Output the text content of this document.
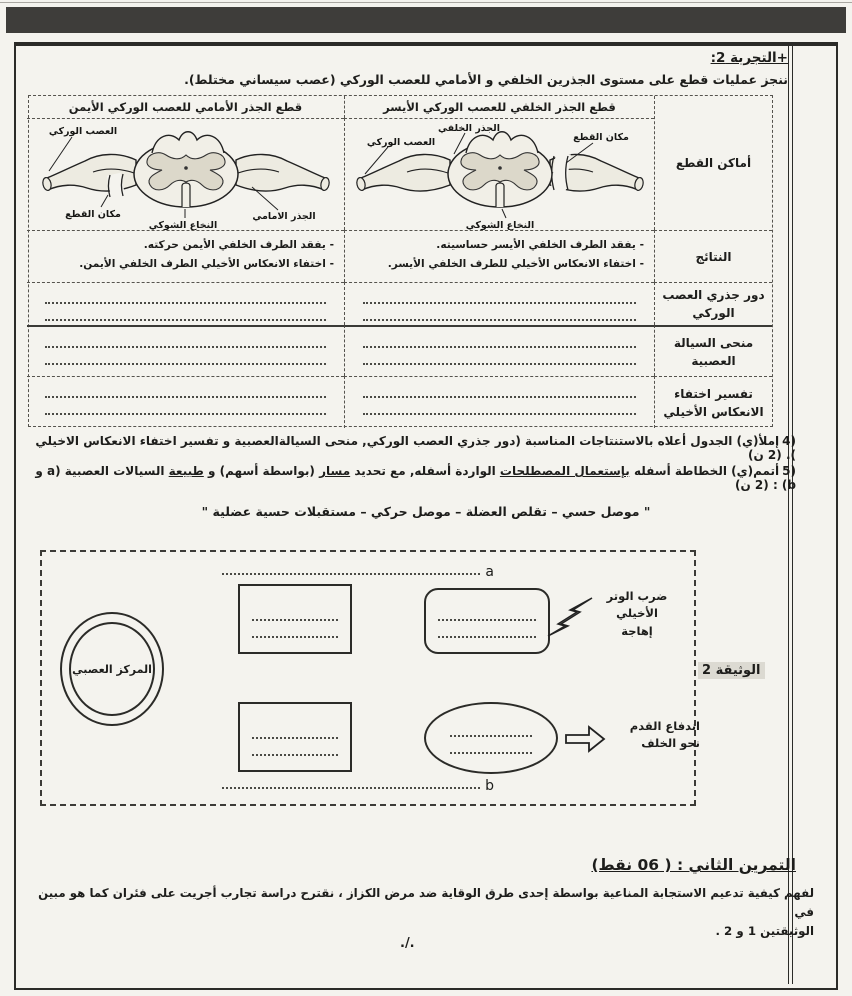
+التجربة 2:
ننجز عمليات قطع على مستوى الجذرين الخلفي و الأمامي للعصب الوركي (عصب سيساني مختلط).
أماكن القطع
قطع الجذر الخلفي للعصب الوركي الأيسر
قطع الجذر الأمامي للعصب الوركي الأيمن
الجذر الخلفي
العصب الوركي	مكان القطع
النخاع الشوكي
العصب الوركي
مكان القطع
النخاع الشوكي
الجذر الامامي
النتائج
- يفقد الطرف الخلفي الأيسر حساسيته.
- اختفاء الانعكاس الأخيلي للطرف الخلفي الأيسر.
- يفقد الطرف الخلفي الأيمن حركته.
- اختفاء الانعكاس الأخيلي الطرف الخلفي الأيمن.
دور جذري العصب الوركي
منحى السيالة العصبية
تفسير اختفاء الانعكاس الأخيلي
4)إملأ(ي) الجدول أعلاه بالاستنتاجات المناسبة (دور جذري العصب الوركي, منحى السيالةالعصبية و تفسير اختفاء الانعكاس الاخيلي ). (2 ن)
5)أتمم(ي) الخطاطة أسفله بإستعمال المصطلحات الواردة أسفله, مع تحديد مسار (بواسطة أسهم) و طبيعة السيالات العصبية (a و b) : (2 ن)
" موصل حسي – تقلص العضلة – موصل حركي – مستقبلات حسية عضلية "
المركز العصبي
a
ضرب الوتر الأخيلي
إهاجة
اندفاع القدم نحو الخلف
b
الوثيقة 2
التمرين الثاني : ( 06 نقط)
لفهم كيفية تدعيم الاستجابة المناعية بواسطة إحدى طرق الوقاية ضد مرض الكزاز ، نقترح دراسة تجارب أجريت على فئران كما هو مبين في
الوثيقتين 1 و 2 .
./.
